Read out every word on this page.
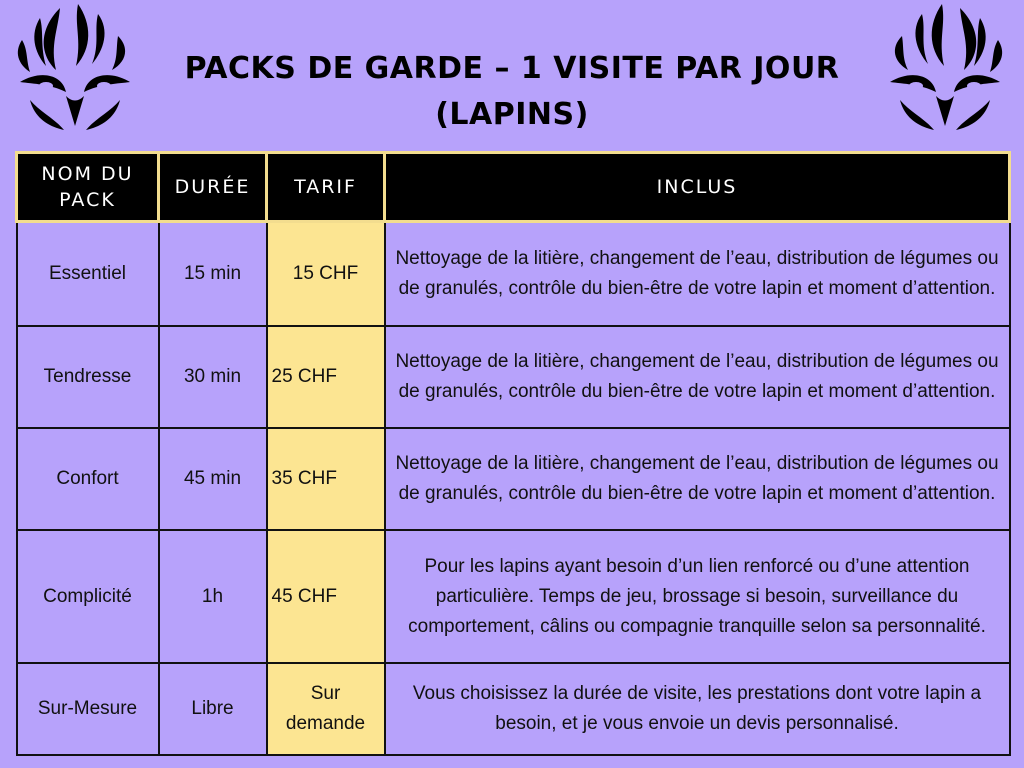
PACKS DE GARDE – 1 VISITE PAR JOUR
(LAPINS)
NOM DU PACK	DURÉE	TARIF	INCLUS
Essentiel	15 min	15 CHF	Nettoyage de la litière, changement de l’eau, distribution de légumes ou de granulés, contrôle du bien-être de votre lapin et moment d’attention.
Tendresse	30 min	25 CHF	Nettoyage de la litière, changement de l’eau, distribution de légumes ou de granulés, contrôle du bien-être de votre lapin et moment d’attention.
Confort	45 min	35 CHF	Nettoyage de la litière, changement de l’eau, distribution de légumes ou de granulés, contrôle du bien-être de votre lapin et moment d’attention.
Complicité	1h	45 CHF	Pour les lapins ayant besoin d’un lien renforcé ou d’une attention particulière. Temps de jeu, brossage si besoin, surveillance du comportement, câlins ou compagnie tranquille selon sa personnalité.
Sur-Mesure	Libre	Sur demande	Vous choisissez la durée de visite, les prestations dont votre lapin a besoin, et je vous envoie un devis personnalisé.
